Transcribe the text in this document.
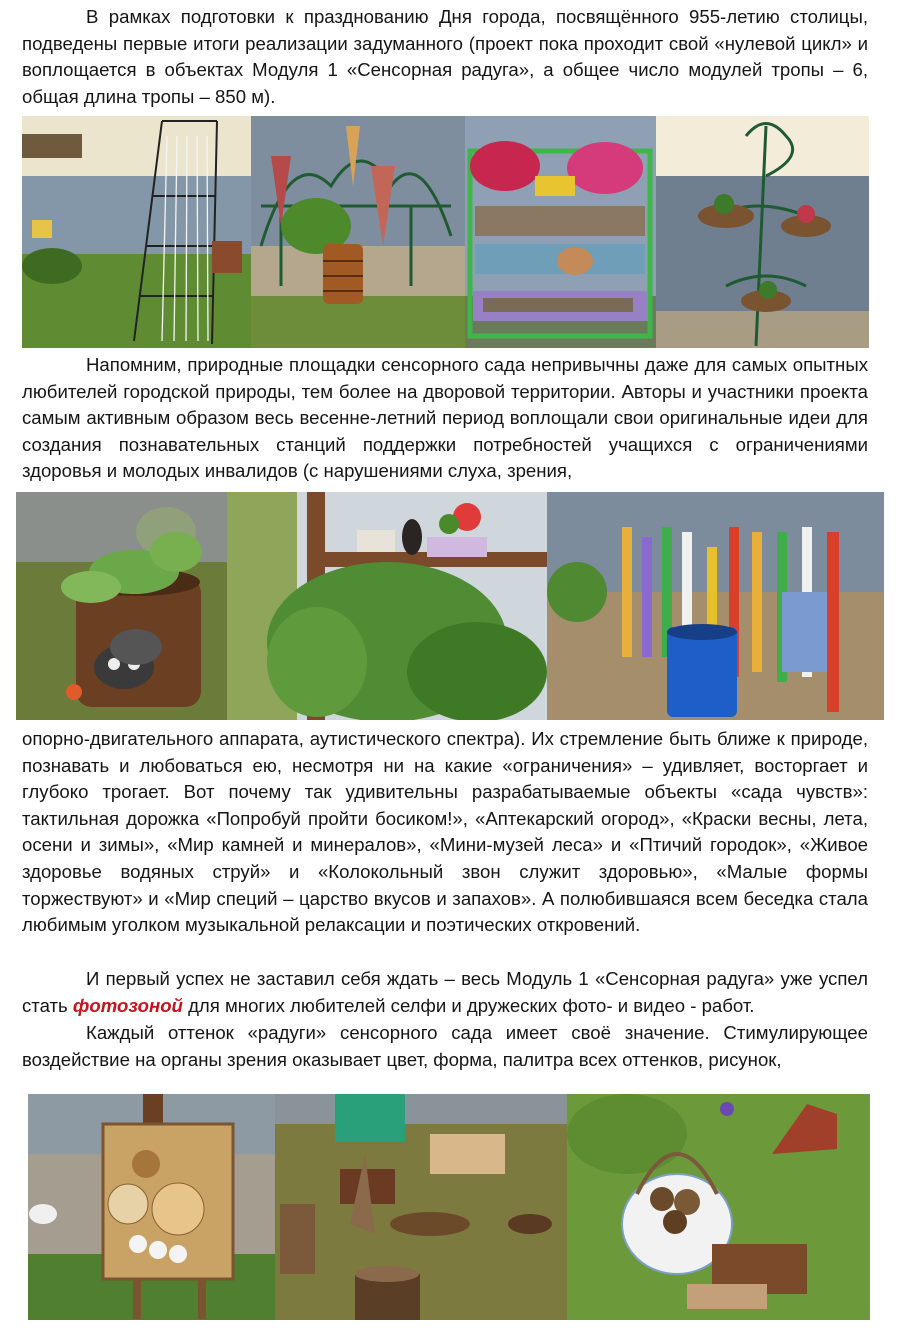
В рамках подготовки к празднованию Дня города, посвящённого 955-летию столицы, подведены первые итоги реализации задуманного (проект пока проходит свой «нулевой цикл» и воплощается в объектах Модуля 1 «Сенсорная радуга», а общее число модулей тропы – 6, общая длина тропы – 850 м).

Напомним, природные площадки сенсорного сада непривычны даже для самых опытных любителей городской природы, тем более на дворовой территории. Авторы и участники проекта самым активным образом весь весенне-летний период воплощали свои оригинальные идеи для создания познавательных станций поддержки потребностей учащихся с ограничениями здоровья и молодых инвалидов (с нарушениями слуха, зрения,

опорно-двигательного аппарата, аутистического спектра). Их стремление быть ближе к природе, познавать и любоваться ею, несмотря ни на какие «ограничения» – удивляет, восторгает и глубоко трогает. Вот почему так удивительны разрабатываемые объекты «сада чувств»: тактильная дорожка «Попробуй пройти босиком!», «Аптекарский огород», «Краски весны, лета, осени и зимы», «Мир камней и минералов», «Мини-музей леса» и «Птичий городок», «Живое здоровье водяных струй» и «Колокольный звон служит здоровью», «Малые формы торжествуют» и «Мир специй – царство вкусов и запахов». А полюбившаяся всем беседка стала любимым уголком музыкальной релаксации и поэтических откровений.

И первый успех не заставил себя ждать – весь Модуль 1 «Сенсорная радуга» уже успел стать фотозоной для многих любителей селфи и дружеских фото- и видео - работ.

Каждый оттенок «радуги» сенсорного сада имеет своё значение. Стимулирующее воздействие на органы зрения оказывает цвет, форма, палитра всех оттенков, рисунок,
